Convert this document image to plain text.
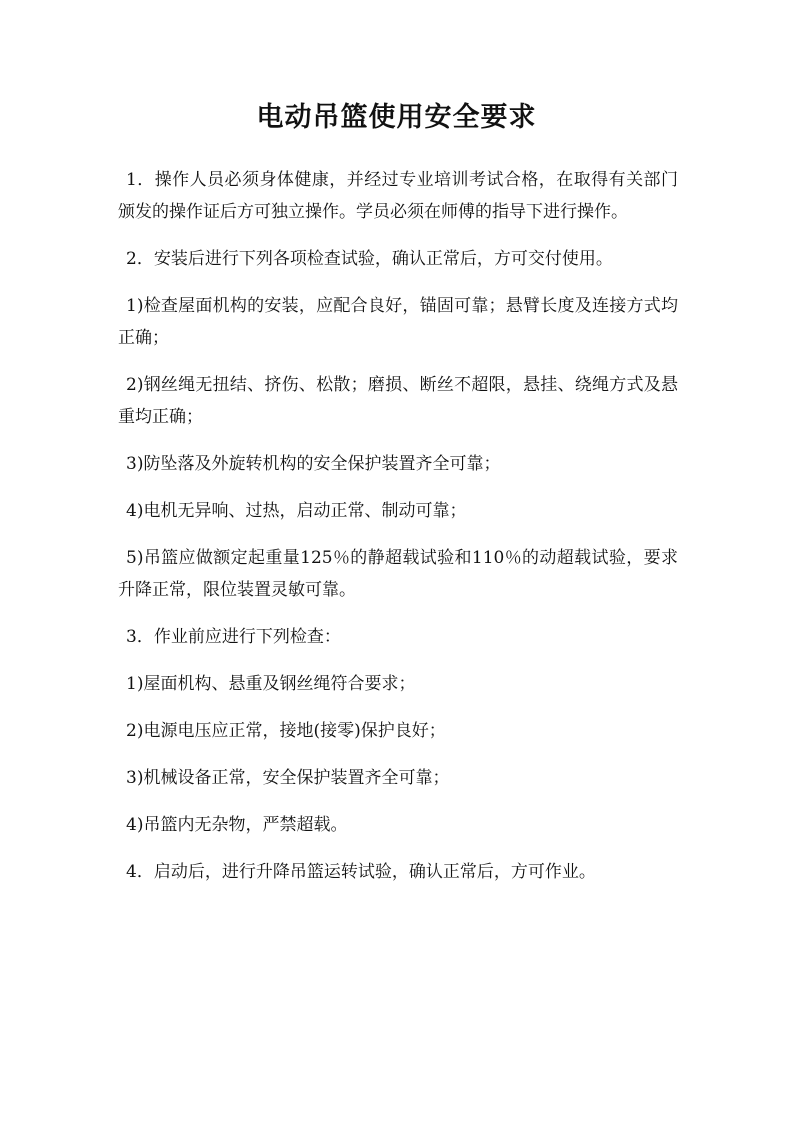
电动吊篮使用安全要求

1．操作人员必须身体健康，并经过专业培训考试合格，在取得有关部门颁发的操作证后方可独立操作。学员必须在师傅的指导下进行操作。

2．安装后进行下列各项检查试验，确认正常后，方可交付使用。

1)检查屋面机构的安装，应配合良好，锚固可靠；悬臂长度及连接方式均正确；

2)钢丝绳无扭结、挤伤、松散；磨损、断丝不超限，悬挂、绕绳方式及悬重均正确；

3)防坠落及外旋转机构的安全保护装置齐全可靠；

4)电机无异响、过热，启动正常、制动可靠；

5)吊篮应做额定起重量125％的静超载试验和110％的动超载试验，要求升降正常，限位装置灵敏可靠。

3．作业前应进行下列检查：

1)屋面机构、悬重及钢丝绳符合要求；

2)电源电压应正常，接地(接零)保护良好；

3)机械设备正常，安全保护装置齐全可靠；

4)吊篮内无杂物，严禁超载。

4．启动后，进行升降吊篮运转试验，确认正常后，方可作业。
